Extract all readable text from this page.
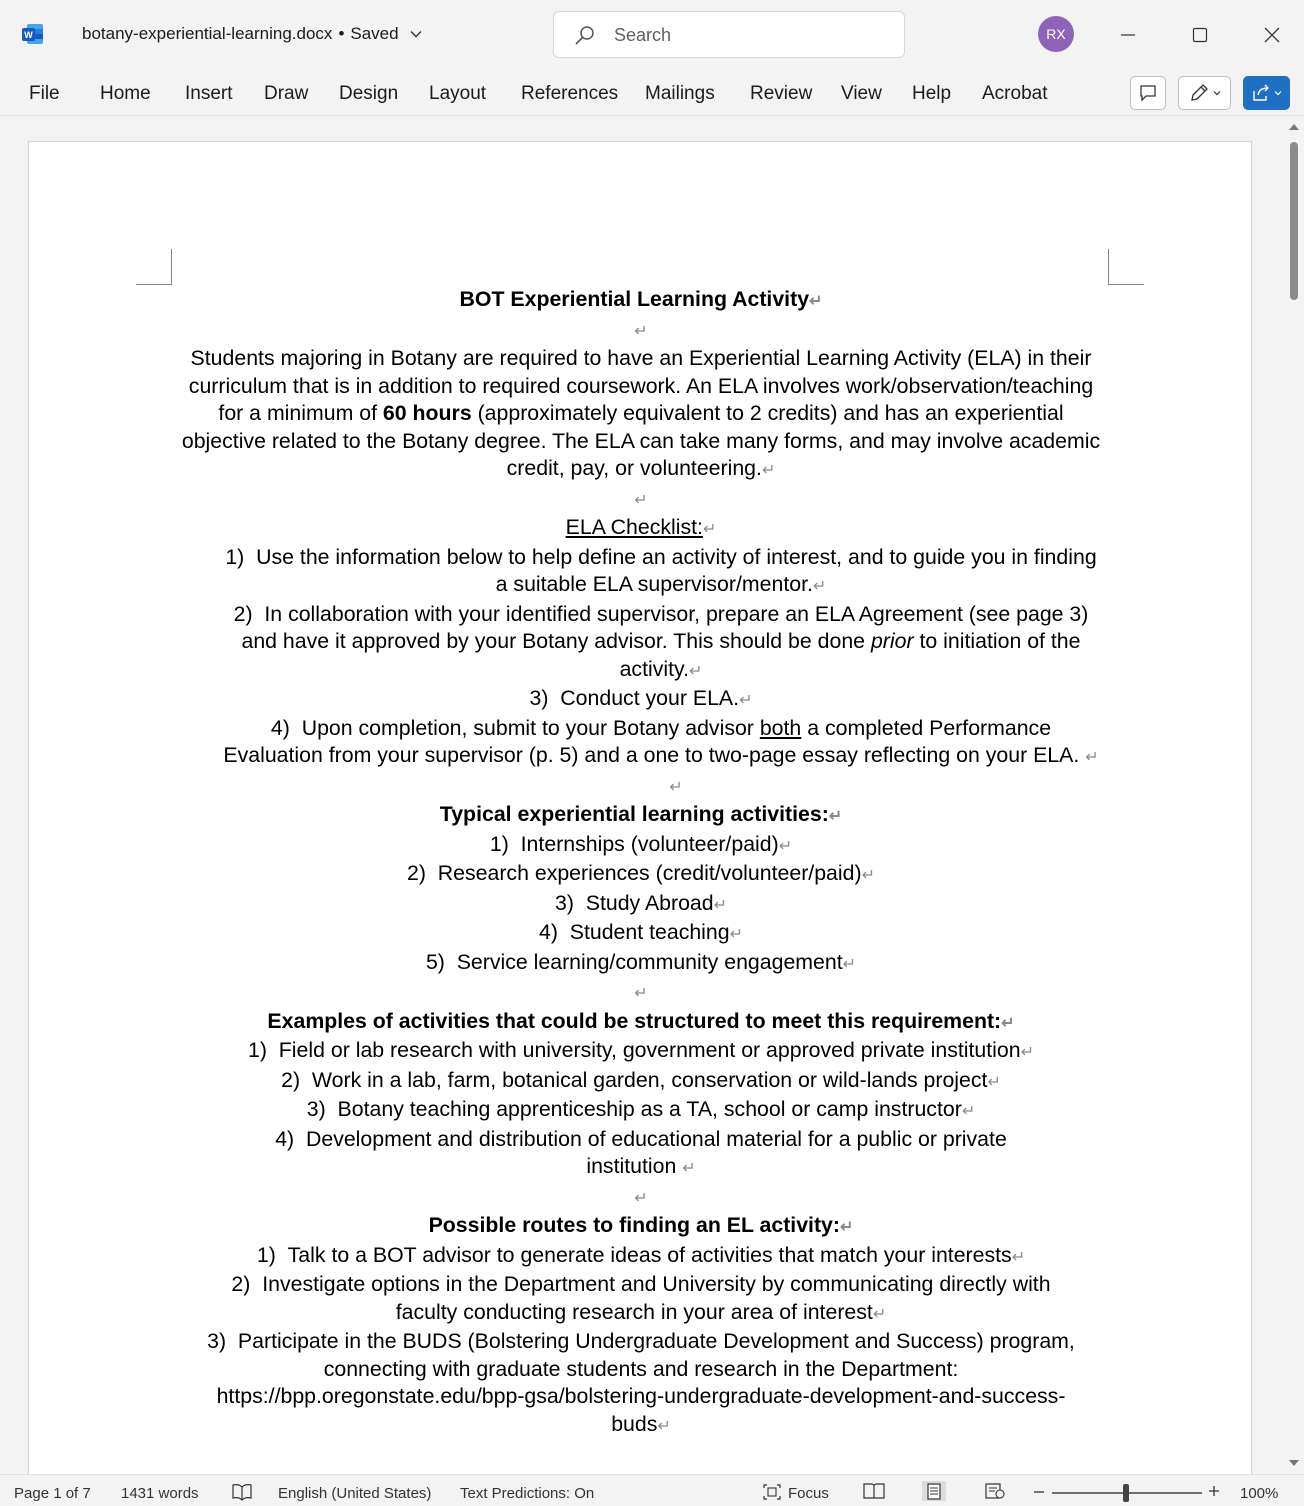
W	botany-experiential-learning.docx • Saved	Search	RX
File Home Insert Draw Design Layout References Mailings Review View Help Acrobat

BOT Experiential Learning Activity↵

↵

Students majoring in Botany are required to have an Experiential Learning Activity (ELA) in their curriculum that is in addition to required coursework. An ELA involves work/observation/teaching for a minimum of 60 hours (approximately equivalent to 2 credits) and has an experiential objective related to the Botany degree. The ELA can take many forms, and may involve academic credit, pay, or volunteering.↵

↵

ELA Checklist:↵

1) Use the information below to help define an activity of interest, and to guide you in finding a suitable ELA supervisor/mentor.↵

2) In collaboration with your identified supervisor, prepare an ELA Agreement (see page 3) and have it approved by your Botany advisor. This should be done prior to initiation of the activity.↵

3) Conduct your ELA.↵

4) Upon completion, submit to your Botany advisor both a completed Performance Evaluation from your supervisor (p. 5) and a one to two-page essay reflecting on your ELA. ↵

↵

Typical experiential learning activities:↵

1) Internships (volunteer/paid)↵

2) Research experiences (credit/volunteer/paid)↵

3) Study Abroad↵

4) Student teaching↵

5) Service learning/community engagement↵

↵

Examples of activities that could be structured to meet this requirement:↵

1) Field or lab research with university, government or approved private institution↵

2) Work in a lab, farm, botanical garden, conservation or wild-lands project↵

3) Botany teaching apprenticeship as a TA, school or camp instructor↵

4) Development and distribution of educational material for a public or private institution ↵

↵

Possible routes to finding an EL activity:↵

1) Talk to a BOT advisor to generate ideas of activities that match your interests↵

2) Investigate options in the Department and University by communicating directly with faculty conducting research in your area of interest↵

3) Participate in the BUDS (Bolstering Undergraduate Development and Success) program, connecting with graduate students and research in the Department: https://bpp.oregonstate.edu/bpp-gsa/bolstering-undergraduate-development-and-success-buds↵

Page 1 of 7 1431 words	English (United States) Text Predictions: On	Focus	100%
